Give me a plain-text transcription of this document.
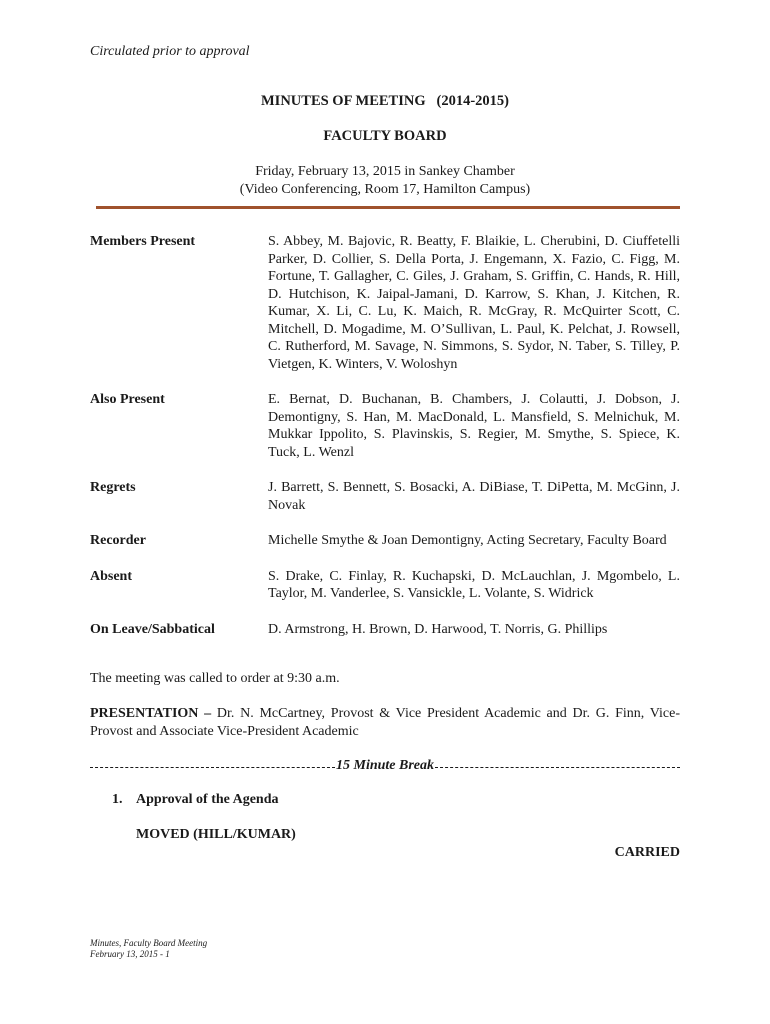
Circulated prior to approval
MINUTES OF MEETING   (2014-2015)
FACULTY BOARD
Friday, February 13, 2015 in Sankey Chamber
(Video Conferencing, Room 17, Hamilton Campus)
Members Present	S. Abbey, M. Bajovic, R. Beatty, F. Blaikie, L. Cherubini, D. Ciuffetelli Parker, D. Collier, S. Della Porta, J. Engemann, X. Fazio, C. Figg, M. Fortune, T. Gallagher, C. Giles, J. Graham, S. Griffin, C. Hands, R. Hill, D. Hutchison, K. Jaipal-Jamani, D. Karrow, S. Khan, J. Kitchen, R. Kumar, X. Li, C. Lu, K. Maich, R. McGray, R. McQuirter Scott, C. Mitchell, D. Mogadime, M. O’Sullivan, L. Paul, K. Pelchat, J. Rowsell, C. Rutherford, M. Savage, N. Simmons, S. Sydor, N. Taber, S. Tilley, P. Vietgen, K. Winters, V. Woloshyn
Also Present	E. Bernat, D. Buchanan, B. Chambers, J. Colautti, J. Dobson, J. Demontigny, S. Han, M. MacDonald, L. Mansfield, S. Melnichuk, M. Mukkar Ippolito, S. Plavinskis, S. Regier, M. Smythe, S. Spiece, K. Tuck, L. Wenzl
Regrets	J. Barrett, S. Bennett, S. Bosacki, A. DiBiase, T. DiPetta, M. McGinn, J. Novak
Recorder	Michelle Smythe & Joan Demontigny, Acting Secretary, Faculty Board
Absent	S. Drake, C. Finlay, R. Kuchapski, D. McLauchlan, J. Mgombelo, L. Taylor, M. Vanderlee, S. Vansickle, L. Volante, S. Widrick
On Leave/Sabbatical	D. Armstrong, H. Brown, D. Harwood, T. Norris, G. Phillips
The meeting was called to order at 9:30 a.m.
PRESENTATION – Dr. N. McCartney, Provost & Vice President Academic and Dr. G. Finn, Vice-Provost and Associate Vice-President Academic
15 Minute Break
1. Approval of the Agenda
MOVED (HILL/KUMAR)
CARRIED
Minutes, Faculty Board Meeting
February 13, 2015 - 1
